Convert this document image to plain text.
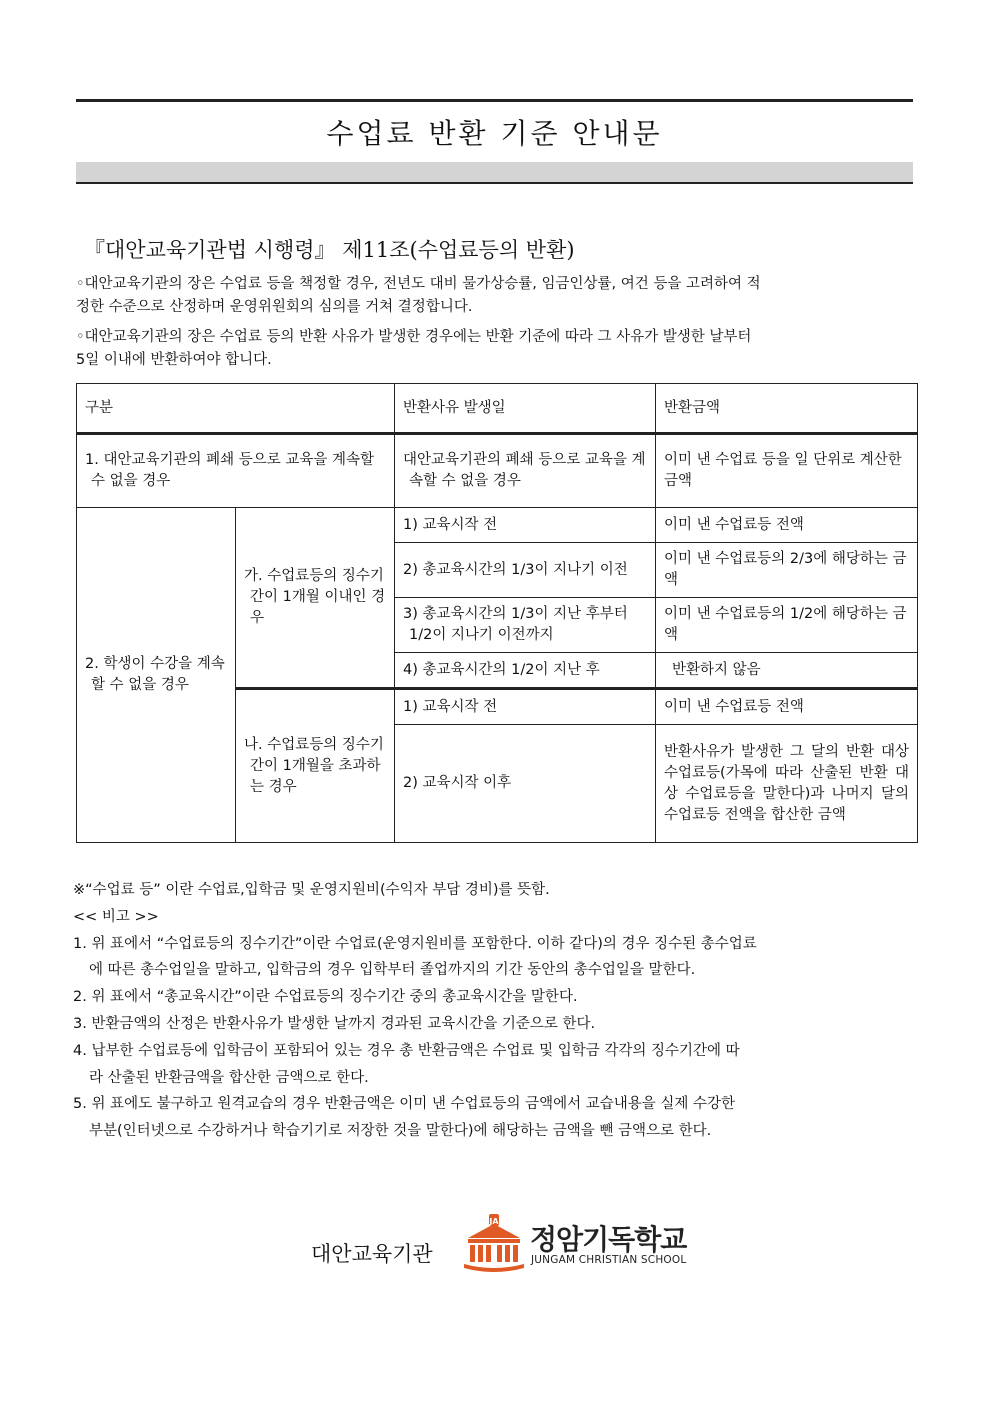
수업료 반환 기준 안내문
『대안교육기관법 시행령』 제11조(수업료등의 반환)
◦대안교육기관의 장은 수업료 등을 책정할 경우, 전년도 대비 물가상승률, 임금인상률, 여건 등을 고려하여 적
정한 수준으로 산정하며 운영위원회의 심의를 거쳐 결정합니다.
◦대안교육기관의 장은 수업료 등의 반환 사유가 발생한 경우에는 반환 기준에 따라 그 사유가 발생한 날부터
5일 이내에 반환하여야 합니다.
구분		반환사유 발생일	반환금액
1. 대안교육기관의 폐쇄 등으로 교육을 계속할 수 없을 경우		대안교육기관의 폐쇄 등으로 교육을 계속할 수 없을 경우	이미 낸 수업료 등을 일 단위로 계산한 금액
2. 학생이 수강을 계속할 수 없을 경우	가. 수업료등의 징수기간이 1개월 이내인 경우	1) 교육시작 전	이미 낸 수업료등 전액
		2) 총교육시간의 1/3이 지나기 이전	이미 낸 수업료등의 2/3에 해당하는 금액
		3) 총교육시간의 1/3이 지난 후부터 1/2이 지나기 이전까지	이미 낸 수업료등의 1/2에 해당하는 금액
		4) 총교육시간의 1/2이 지난 후	반환하지 않음
	나. 수업료등의 징수기간이 1개월을 초과하는 경우	1) 교육시작 전	이미 낸 수업료등 전액
		2) 교육시작 이후	반환사유가 발생한 그 달의 반환 대상 수업료등(가목에 따라 산출된 반환 대상 수업료등을 말한다)과 나머지 달의 수업료등 전액을 합산한 금액
※“수업료 등” 이란 수업료,입학금 및 운영지원비(수익자 부담 경비)를 뜻함.
<< 비고 >>
1. 위 표에서 “수업료등의 징수기간”이란 수업료(운영지원비를 포함한다. 이하 같다)의 경우 징수된 총수업료
에 따른 총수업일을 말하고, 입학금의 경우 입학부터 졸업까지의 기간 동안의 총수업일을 말한다.
2. 위 표에서 “총교육시간”이란 수업료등의 징수기간 중의 총교육시간을 말한다.
3. 반환금액의 산정은 반환사유가 발생한 날까지 경과된 교육시간을 기준으로 한다.
4. 납부한 수업료등에 입학금이 포함되어 있는 경우 총 반환금액은 수업료 및 입학금 각각의 징수기간에 따
라 산출된 반환금액을 합산한 금액으로 한다.
5. 위 표에도 불구하고 원격교습의 경우 반환금액은 이미 낸 수업료등의 금액에서 교습내용을 실제 수강한
부분(인터넷으로 수강하거나 학습기기로 저장한 것을 말한다)에 해당하는 금액을 뺀 금액으로 한다.
대안교육기관
JA
정암기독학교
JUNGAM CHRISTIAN SCHOOL
